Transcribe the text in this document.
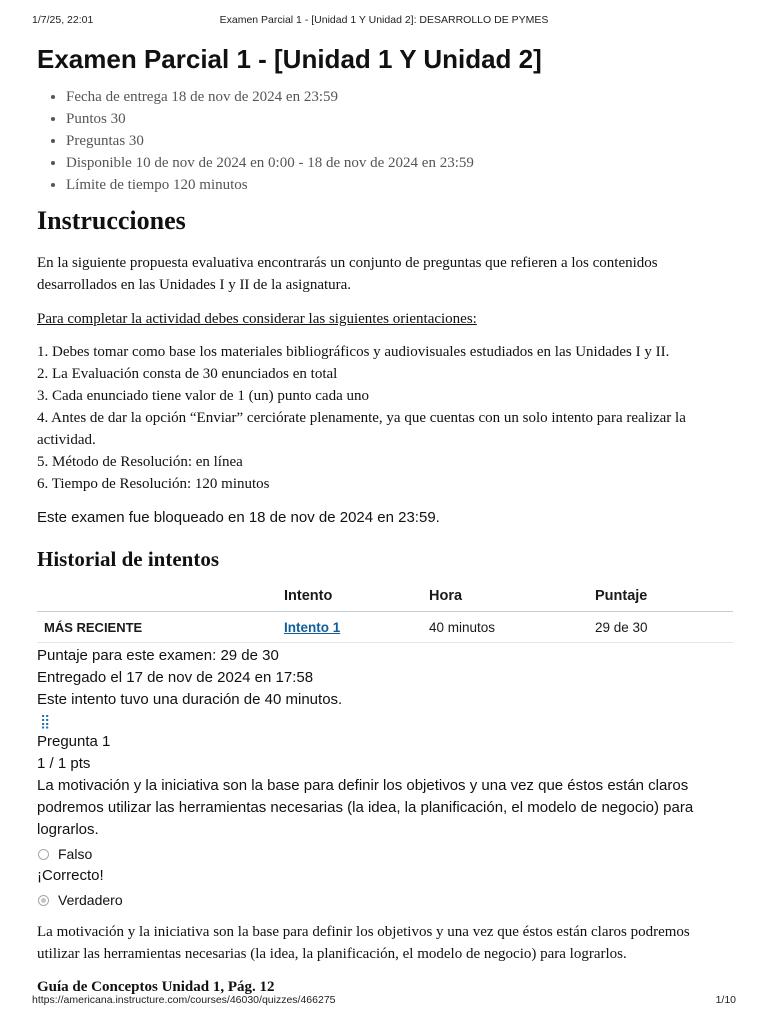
1/7/25, 22:01	Examen Parcial 1 - [Unidad 1 Y Unidad 2]: DESARROLLO DE PYMES
Examen Parcial 1 - [Unidad 1 Y Unidad 2]
• Fecha de entrega 18 de nov de 2024 en 23:59
• Puntos 30
• Preguntas 30
• Disponible 10 de nov de 2024 en 0:00 - 18 de nov de 2024 en 23:59
• Límite de tiempo 120 minutos
Instrucciones

En la siguiente propuesta evaluativa encontrarás un conjunto de preguntas que refieren a los contenidos desarrollados en las Unidades I y II de la asignatura.

Para completar la actividad debes considerar las siguientes orientaciones:

1. Debes tomar como base los materiales bibliográficos y audiovisuales estudiados en las Unidades I y II.

2. La Evaluación consta de 30 enunciados en total

3. Cada enunciado tiene valor de 1 (un) punto cada uno

4. Antes de dar la opción “Enviar” cerciórate plenamente, ya que cuentas con un solo intento para realizar la actividad.

5. Método de Resolución: en línea

6. Tiempo de Resolución: 120 minutos

Este examen fue bloqueado en 18 de nov de 2024 en 23:59.

Historial de intentos
	Intento	Hora	Puntaje
MÁS RECIENTE	Intento 1	40 minutos	29 de 30

Puntaje para este examen: 29 de 30

Entregado el 17 de nov de 2024 en 17:58

Este intento tuvo una duración de 40 minutos.

⣿

Pregunta 1

1 / 1 pts

La motivación y la iniciativa son la base para definir los objetivos y una vez que éstos están claros podremos utilizar las herramientas necesarias (la idea, la planificación, el modelo de negocio) para lograrlos.

Falso
¡Correcto!
Verdadero

La motivación y la iniciativa son la base para definir los objetivos y una vez que éstos están claros podremos utilizar las herramientas necesarias (la idea, la planificación, el modelo de negocio) para lograrlos.

Guía de Conceptos Unidad 1, Pág. 12

https://americana.instructure.com/courses/46030/quizzes/466275	1/10
